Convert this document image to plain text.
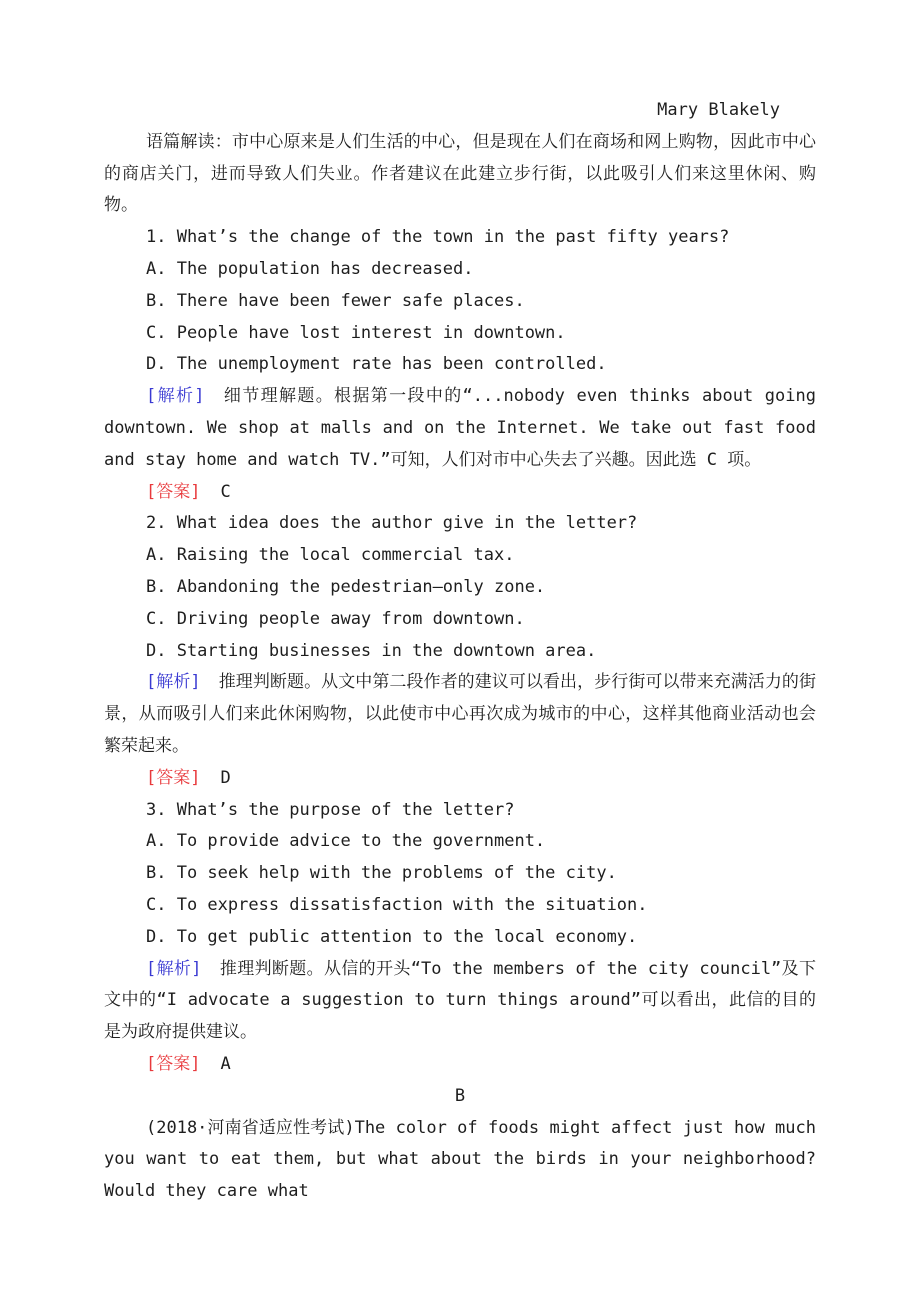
Mary Blakely

语篇解读：市中心原来是人们生活的中心，但是现在人们在商场和网上购物，因此市中心的商店关门，进而导致人们失业。作者建议在此建立步行街，以此吸引人们来这里休闲、购物。

1. What’s the change of the town in the past fifty years?

A. The population has decreased.

B. There have been fewer safe places.

C. People have lost interest in downtown.

D. The unemployment rate has been controlled.

[解析] 细节理解题。根据第一段中的“...nobody even thinks about going downtown. We shop at malls and on the Internet. We take out fast food and stay home and watch TV.”可知，人们对市中心失去了兴趣。因此选 C 项。

[答案] C

2. What idea does the author give in the letter?

A. Raising the local commercial tax.

B. Abandoning the pedestrian—only zone.

C. Driving people away from downtown.

D. Starting businesses in the downtown area.

[解析] 推理判断题。从文中第二段作者的建议可以看出，步行街可以带来充满活力的街景，从而吸引人们来此休闲购物，以此使市中心再次成为城市的中心，这样其他商业活动也会繁荣起来。

[答案] D

3. What’s the purpose of the letter?

A. To provide advice to the government.

B. To seek help with the problems of the city.

C. To express dissatisfaction with the situation.

D. To get public attention to the local economy.

[解析] 推理判断题。从信的开头“To the members of the city council”及下文中的“I advocate a suggestion to turn things around”可以看出，此信的目的是为政府提供建议。

[答案] A

B

(2018·河南省适应性考试)The color of foods might affect just how much you want to eat them, but what about the birds in your neighborhood? Would they care what
